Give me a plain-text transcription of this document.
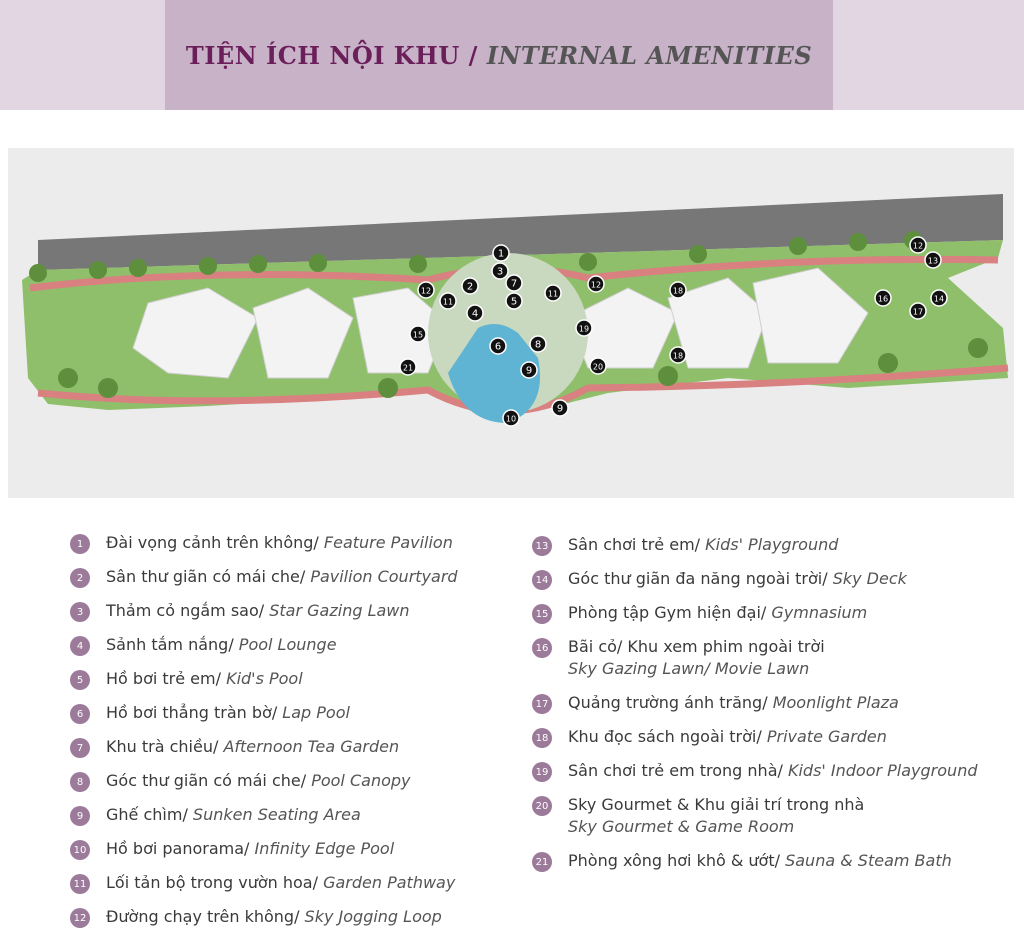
TIỆN ÍCH NỘI KHU / INTERNAL AMENITIES
1
2
3
4
5
6
7
8
9
9
10
11
11
12
12
12
13
14
15
16
17
18
18
19
20
21
1	Đài vọng cảnh trên không/ Feature Pavilion
2	Sân thư giãn có mái che/ Pavilion Courtyard
3	Thảm cỏ ngắm sao/ Star Gazing Lawn
4	Sảnh tắm nắng/ Pool Lounge
5	Hồ bơi trẻ em/ Kid's Pool
6	Hồ bơi thẳng tràn bờ/ Lap Pool
7	Khu trà chiều/ Afternoon Tea Garden
8	Góc thư giãn có mái che/ Pool Canopy
9	Ghế chìm/ Sunken Seating Area
10 Hồ bơi panorama/ Infinity Edge Pool
11 Lối tản bộ trong vườn hoa/ Garden Pathway
12 Đường chạy trên không/ Sky Jogging Loop
13 Sân chơi trẻ em/ Kids' Playground
14 Góc thư giãn đa năng ngoài trời/ Sky Deck
15 Phòng tập Gym hiện đại/ Gymnasium
16 Bãi cỏ/ Khu xem phim ngoài trời
Sky Gazing Lawn/ Movie Lawn
17 Quảng trường ánh trăng/ Moonlight Plaza
18 Khu đọc sách ngoài trời/ Private Garden
19 Sân chơi trẻ em trong nhà/ Kids' Indoor Playground
20 Sky Gourmet & Khu giải trí trong nhà
Sky Gourmet & Game Room
21 Phòng xông hơi khô & ướt/ Sauna & Steam Bath
